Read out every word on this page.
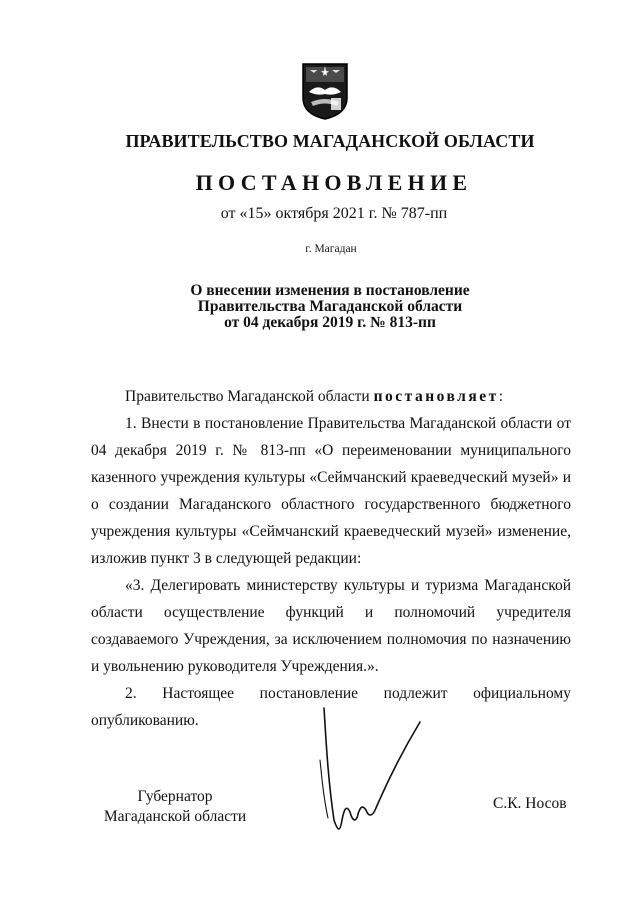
ПРАВИТЕЛЬСТВО МАГАДАНСКОЙ ОБЛАСТИ
ПОСТАНОВЛЕНИЕ
от «15» октября 2021 г. № 787-пп
г. Магадан
О внесении изменения в постановление
Правительства Магаданской области
от 04 декабря 2019 г. № 813-пп
Правительство Магаданской области постановляет:
1. Внести в постановление Правительства Магаданской области от 04 декабря 2019 г. № 813-пп «О переименовании муниципального казенного учреждения культуры «Сеймчанский краеведческий музей» и о создании Магаданского областного государственного бюджетного учреждения культуры «Сеймчанский краеведческий музей» изменение, изложив пункт 3 в следующей редакции:
«3. Делегировать министерству культуры и туризма Магаданской области осуществление функций и полномочий учредителя создаваемого Учреждения, за исключением полномочия по назначению и увольнению руководителя Учреждения.».
2. Настоящее постановление подлежит официальному
опубликованию.
Губернатор
Магаданской области
С.К. Носов
